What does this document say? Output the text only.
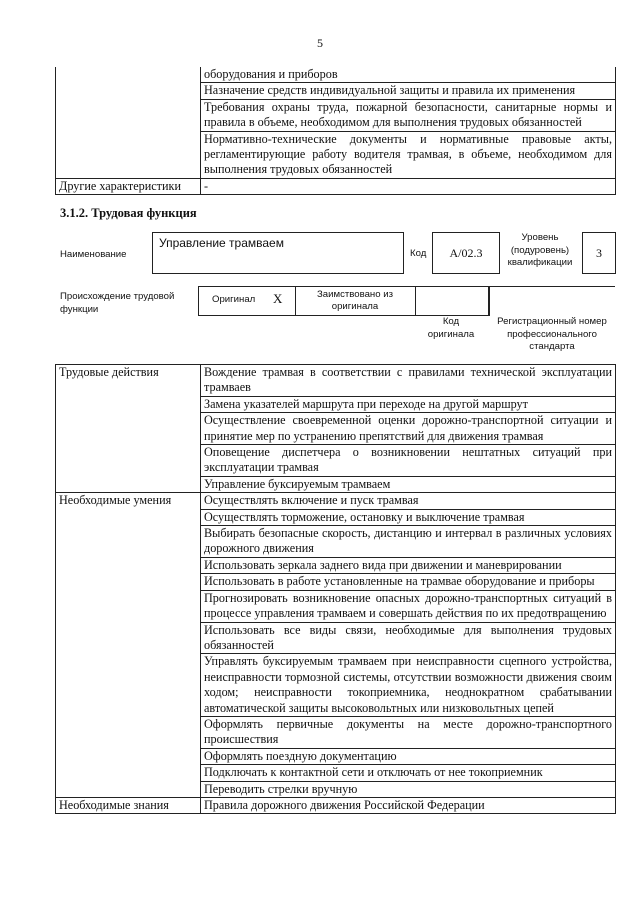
5
	оборудования и приборов
	Назначение средств индивидуальной защиты и правила их применения
	Требования охраны труда, пожарной безопасности, санитарные нормы и правила в объеме, необходимом для выполнения трудовых обязанностей
	Нормативно-технические документы и нормативные правовые акты, регламентирующие работу водителя трамвая, в объеме, необходимом для выполнения трудовых обязанностей
Другие характеристики	-
3.1.2. Трудовая функция
Наименование
Управление трамваем
Код	A/02.3
Уровень (подуровень) квалификации
3
Происхождение трудовой функции
Оригинал X	Заимствовано из оригинала
Код оригинала
Регистрационный номер профессионального стандарта
Трудовые действия	Вождение трамвая в соответствии с правилами технической эксплуатации трамваев
	Замена указателей маршрута при переходе на другой маршрут
	Осуществление своевременной оценки дорожно-транспортной ситуации и принятие мер по устранению препятствий для движения трамвая
	Оповещение диспетчера о возникновении нештатных ситуаций при эксплуатации трамвая
	Управление буксируемым трамваем
Необходимые умения	Осуществлять включение и пуск трамвая
	Осуществлять торможение, остановку и выключение трамвая
	Выбирать безопасные скорость, дистанцию и интервал в различных условиях дорожного движения
	Использовать зеркала заднего вида при движении и маневрировании
	Использовать в работе установленные на трамвае оборудование и приборы
	Прогнозировать возникновение опасных дорожно-транспортных ситуаций в процессе управления трамваем и совершать действия по их предотвращению
	Использовать все виды связи, необходимые для выполнения трудовых обязанностей
	Управлять буксируемым трамваем при неисправности сцепного устройства, неисправности тормозной системы, отсутствии возможности движения своим ходом; неисправности токоприемника, неоднократном срабатывании автоматической защиты высоковольтных или низковольтных цепей
	Оформлять первичные документы на месте дорожно-транспортного происшествия
	Оформлять поездную документацию
	Подключать к контактной сети и отключать от нее токоприемник
	Переводить стрелки вручную
Необходимые знания	Правила дорожного движения Российской Федерации
